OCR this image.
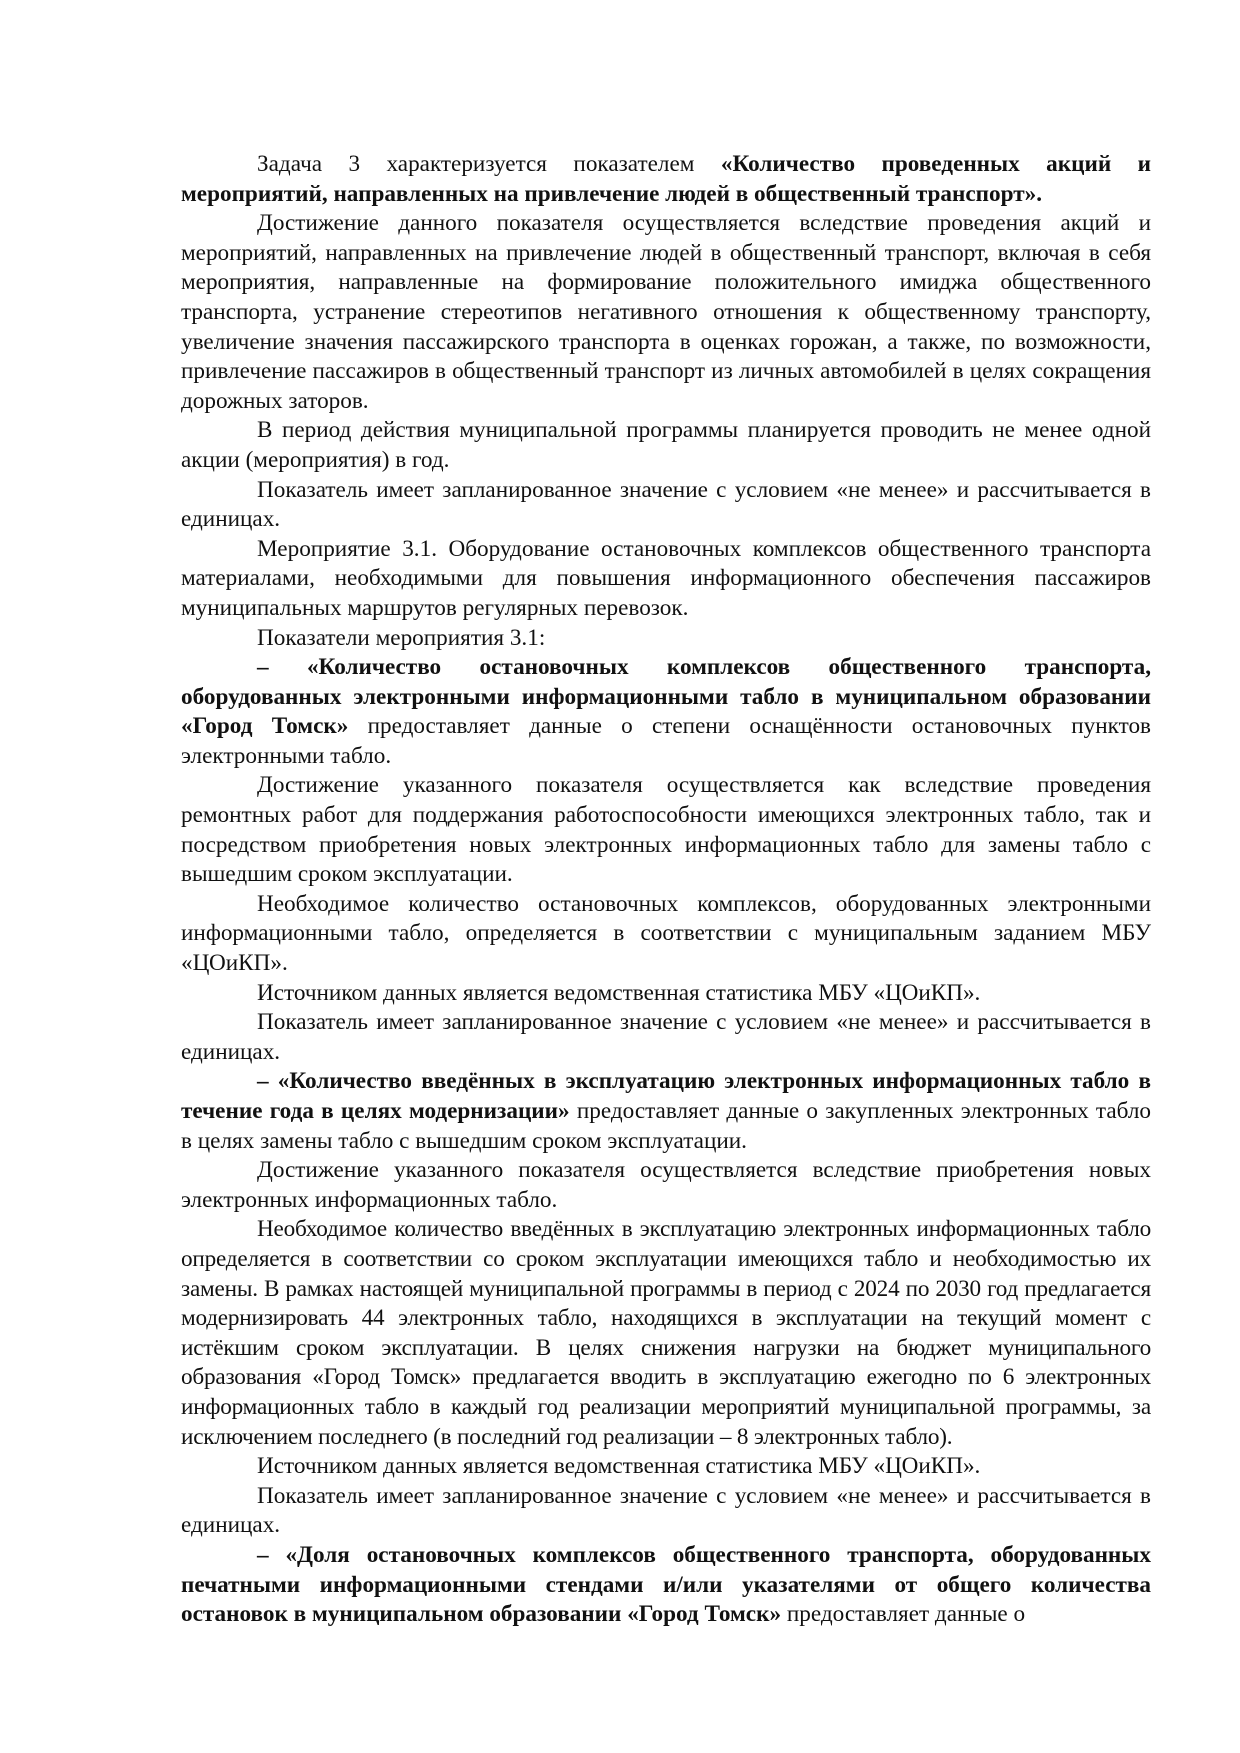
Задача 3 характеризуется показателем «Количество проведенных акций и мероприятий, направленных на привлечение людей в общественный транспорт».

Достижение данного показателя осуществляется вследствие проведения акций и мероприятий, направленных на привлечение людей в общественный транспорт, включая в себя мероприятия, направленные на формирование положительного имиджа общественного транспорта, устранение стереотипов негативного отношения к общественному транспорту, увеличение значения пассажирского транспорта в оценках горожан, а также, по возможности, привлечение пассажиров в общественный транспорт из личных автомобилей в целях сокращения дорожных заторов.

В период действия муниципальной программы планируется проводить не менее одной акции (мероприятия) в год.

Показатель имеет запланированное значение с условием «не менее» и рассчитывается в единицах.

Мероприятие 3.1. Оборудование остановочных комплексов общественного транспорта материалами, необходимыми для повышения информационного обеспечения пассажиров муниципальных маршрутов регулярных перевозок.

Показатели мероприятия 3.1:

– «Количество остановочных комплексов общественного транспорта, оборудованных электронными информационными табло в муниципальном образовании «Город Томск» предоставляет данные о степени оснащённости остановочных пунктов электронными табло.

Достижение указанного показателя осуществляется как вследствие проведения ремонтных работ для поддержания работоспособности имеющихся электронных табло, так и посредством приобретения новых электронных информационных табло для замены табло с вышедшим сроком эксплуатации.

Необходимое количество остановочных комплексов, оборудованных электронными информационными табло, определяется в соответствии с муниципальным заданием МБУ «ЦОиКП».

Источником данных является ведомственная статистика МБУ «ЦОиКП».

Показатель имеет запланированное значение с условием «не менее» и рассчитывается в единицах.

– «Количество введённых в эксплуатацию электронных информационных табло в течение года в целях модернизации» предоставляет данные о закупленных электронных табло в целях замены табло с вышедшим сроком эксплуатации.

Достижение указанного показателя осуществляется вследствие приобретения новых электронных информационных табло.

Необходимое количество введённых в эксплуатацию электронных информационных табло определяется в соответствии со сроком эксплуатации имеющихся табло и необходимостью их замены. В рамках настоящей муниципальной программы в период с 2024 по 2030 год предлагается модернизировать 44 электронных табло, находящихся в эксплуатации на текущий момент с истёкшим сроком эксплуатации. В целях снижения нагрузки на бюджет муниципального образования «Город Томск» предлагается вводить в эксплуатацию ежегодно по 6 электронных информационных табло в каждый год реализации мероприятий муниципальной программы, за исключением последнего (в последний год реализации – 8 электронных табло).

Источником данных является ведомственная статистика МБУ «ЦОиКП».

Показатель имеет запланированное значение с условием «не менее» и рассчитывается в единицах.

– «Доля остановочных комплексов общественного транспорта, оборудованных печатными информационными стендами и/или указателями от общего количества остановок в муниципальном образовании «Город Томск» предоставляет данные о
